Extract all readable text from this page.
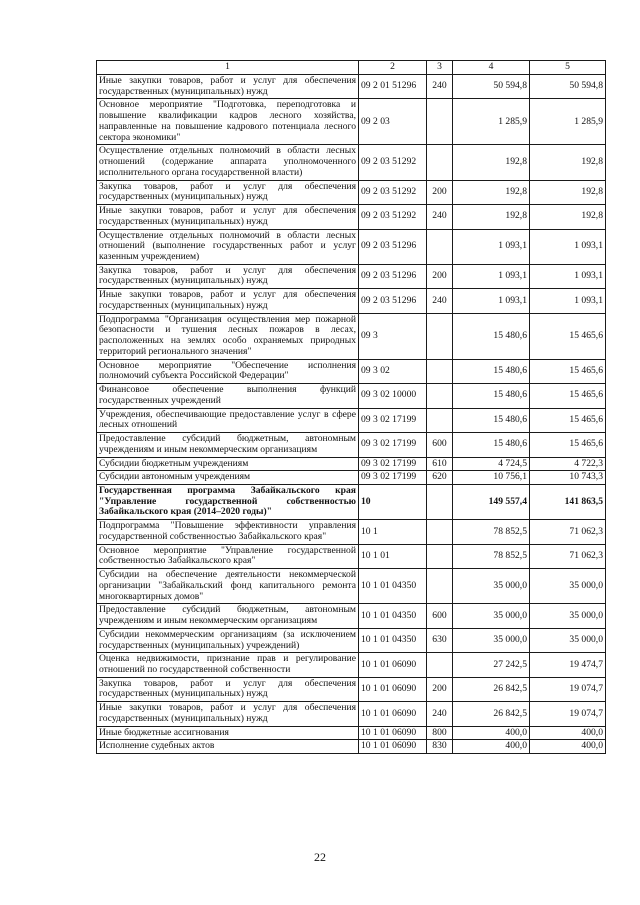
1	2	3	4	5
Иные закупки товаров, работ и услуг для обеспечения государственных (муниципальных) нужд	09 2 01 51296	240	50 594,8	50 594,8
Основное мероприятие "Подготовка, переподготовка и повышение квалификации кадров лесного хозяйства, направленные на повышение кадрового потенциала лесного сектора экономики"	09 2 03		1 285,9	1 285,9
Осуществление отдельных полномочий в области лесных отношений (содержание аппарата уполномоченного исполнительного органа государственной власти)	09 2 03 51292		192,8	192,8
Закупка товаров, работ и услуг для обеспечения государственных (муниципальных) нужд	09 2 03 51292	200	192,8	192,8
Иные закупки товаров, работ и услуг для обеспечения государственных (муниципальных) нужд	09 2 03 51292	240	192,8	192,8
Осуществление отдельных полномочий в области лесных отношений (выполнение государственных работ и услуг казенным учреждением)	09 2 03 51296		1 093,1	1 093,1
Закупка товаров, работ и услуг для обеспечения государственных (муниципальных) нужд	09 2 03 51296	200	1 093,1	1 093,1
Иные закупки товаров, работ и услуг для обеспечения государственных (муниципальных) нужд	09 2 03 51296	240	1 093,1	1 093,1
Подпрограмма "Организация осуществления мер пожарной безопасности и тушения лесных пожаров в лесах, расположенных на землях особо охраняемых природных территорий регионального значения"	09 3		15 480,6	15 465,6
Основное мероприятие "Обеспечение исполнения полномочий субъекта Российской Федерации"	09 3 02		15 480,6	15 465,6
Финансовое обеспечение выполнения функций государственных учреждений	09 3 02 10000		15 480,6	15 465,6
Учреждения, обеспечивающие предоставление услуг в сфере лесных отношений	09 3 02 17199		15 480,6	15 465,6
Предоставление субсидий бюджетным, автономным учреждениям и иным некоммерческим организациям	09 3 02 17199	600	15 480,6	15 465,6
Субсидии бюджетным учреждениям	09 3 02 17199	610	4 724,5	4 722,3
Субсидии автономным учреждениям	09 3 02 17199	620	10 756,1	10 743,3
Государственная программа Забайкальского края "Управление государственной собственностью Забайкальского края (2014–2020 годы)"	10		149 557,4	141 863,5
Подпрограмма "Повышение эффективности управления государственной собственностью Забайкальского края"	10 1		78 852,5	71 062,3
Основное мероприятие "Управление государственной собственностью Забайкальского края"	10 1 01		78 852,5	71 062,3
Субсидии на обеспечение деятельности некоммерческой организации "Забайкальский фонд капитального ремонта многоквартирных домов"	10 1 01 04350		35 000,0	35 000,0
Предоставление субсидий бюджетным, автономным учреждениям и иным некоммерческим организациям	10 1 01 04350	600	35 000,0	35 000,0
Субсидии некоммерческим организациям (за исключением государственных (муниципальных) учреждений)	10 1 01 04350	630	35 000,0	35 000,0
Оценка недвижимости, признание прав и регулирование отношений по государственной собственности	10 1 01 06090		27 242,5	19 474,7
Закупка товаров, работ и услуг для обеспечения государственных (муниципальных) нужд	10 1 01 06090	200	26 842,5	19 074,7
Иные закупки товаров, работ и услуг для обеспечения государственных (муниципальных) нужд	10 1 01 06090	240	26 842,5	19 074,7
Иные бюджетные ассигнования	10 1 01 06090	800	400,0	400,0
Исполнение судебных актов	10 1 01 06090	830	400,0	400,0
22
